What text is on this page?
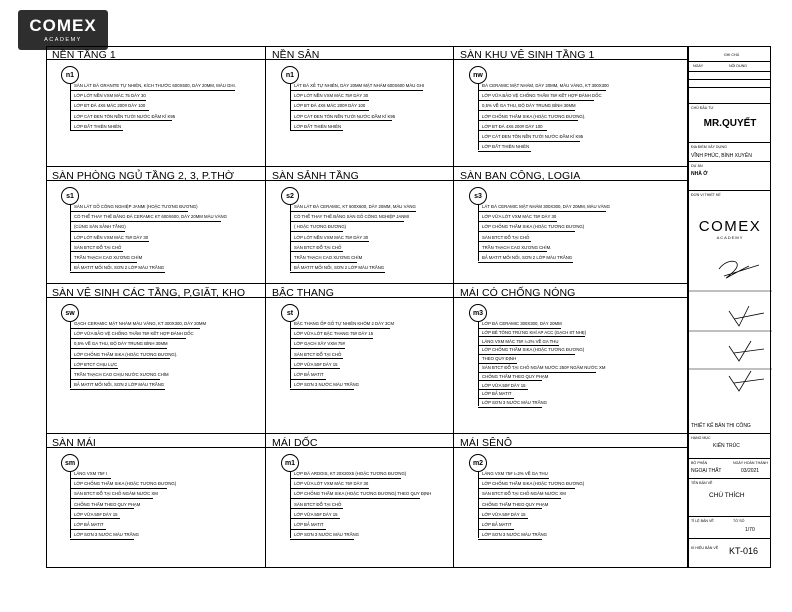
COMEX
ACADEMY
NỀN TẦNG 1
n1
SÀN LÁT ĐÁ GRANITE TỰ NHIÊN, KÍCH THƯỚC 600X600, DÀY 20MM, MÀU GHI.
LỚP LÓT NỀN VXM MÁC 75 DÀY 30
LỚP BT ĐÁ 4X6 MÁC 200# DÀY 100
LỚP CÁT ĐEN TÔN NỀN TƯỚI NƯỚC ĐẦM KĨ K95
LỚP ĐẤT THIÊN NHIÊN
NỀN SÂN
n1
LÁT ĐÁ XẺ TỰ NHIÊN, DÀY 20MM MẶT NHÁM 600X600 MÀU GHI
LỚP LÓT NỀN VXM MÁC 75# DÀY 30
LỚP BT ĐÁ 4X6 MÁC 200# DÀY 100
LỚP CÁT ĐEN TÔN NỀN TƯỚI NƯỚC ĐẦM KĨ K95
LỚP ĐẤT THIÊN NHIÊN
SÀN KHU VỆ SINH TẦNG 1
nw
ĐÁ CERAMIC MẶT NHÁM, DÀY 20MM, MÀU VÀNG, KT 300X300
LỚP VỮA BẢO VỆ CHỐNG THẤM 75# KẾT HỢP ĐÁNH DỐC
0,5% VỀ GA THU, ĐỘ DÀY TRUNG BÌNH 30MM
LỚP CHỐNG THẤM SIKA (HOẶC TƯƠNG ĐƯƠNG).
LỚP BT ĐÁ 4X6 200# DÀY 100
LỚP CÁT ĐEN TÔN NỀN TƯỚI NƯỚC ĐẦM KĨ K95
LỚP ĐẤT THIÊN NHIÊN
SÀN PHÒNG NGỦ TẦNG 2, 3, P.THỜ
s1
SÀN LÁT GỖ CÔNG NGHIỆP JANMI (HOẶC TƯƠNG ĐƯƠNG)
CÓ THỂ THAY THẾ BẰNG ĐÁ CERAMIC KT 600X600, DÀY 20MM MÀU VÀNG
(CÙNG SÀN SẢNH TẦNG)
LỚP LÓT NỀN VXM MÁC 75# DÀY 30
SÀN BTCT ĐỔ TẠI CHỖ
TRẦN THẠCH CAO XƯƠNG CHÌM
BẢ MATIT MỐI NỐI, SƠN 2 LỚP MÀU TRẮNG
SÀN SẢNH TẦNG
s2
SÀN LÁT ĐÁ CERAMIC, KT 600X600, DÀY 20MM, MÀU VÀNG
CÓ THỂ THAY THẾ BẰNG SÀN GỖ CÔNG NGHIỆP JANMI
( HOẶC TƯƠNG ĐƯƠNG)
LỚP LÓT NỀN VXM MÁC 75# DÀY 30
SÀN BTCT ĐỔ TẠI CHỖ
TRẦN THẠCH CAO XƯƠNG CHÌM
BẢ MATIT MỐI NỐI, SƠN 2 LỚP MÀU TRẮNG
SÀN BAN CÔNG, LOGIA
s3
LÁT ĐÁ CERAMIC MẶT NHÁM 300X300, DÀY 20MM, MÀU VÀNG
LỚP VỮA LÓT VXM MÁC 75# DÀY 30
LỚP CHỐNG THẤM SIKA (HOẶC TƯƠNG ĐƯƠNG)
SÀN BTCT ĐỔ TẠI CHỖ
TRẦN THẠCH CAO XƯƠNG CHÌM.
BẢ MATIT MỐI NỐI, SƠN 2 LỚP MÀU TRẮNG
SÀN VỆ SINH CÁC TẦNG, P,GIẶT, KHO
sw
GẠCH CERAMIC MẶT NHÁM MÀU VÀNG, KT 300X300, DÀY 20MM
LỚP VỮA BẢO VỆ CHỐNG THẤM 75# KẾT HỢP ĐÁNH DỐC
0,5% VỀ GA THU, ĐỘ DÀY TRUNG BÌNH 30MM
LỚP CHỐNG THẤM SIKA (HOẶC TƯƠNG ĐƯƠNG).
LỚP BTCT CHỊU LỰC
TRẦN THẠCH CAO CHỊU NƯỚC XƯƠNG CHÌM
BẢ MATIT MỐI NỐI, SƠN 2 LỚP MÀU TRẮNG
BẬC THANG
st
BẬC THANG ỐP GỖ TỰ NHIÊN KHÔM 2 DÀY 3CM
LỚP VỮA LÓT BẬC THANG 75# DÀY 15
LỚP GẠCH XÂY VXM 75#
SÀN BTCT ĐỔ TẠI CHỖ
LỚP VỮA 50# DÀY 15
LỚP BẢ MATIT
LỚP SƠN 3 NƯỚC MÀU TRẮNG
MÁI CÓ CHỐNG NÓNG
m3
LỚP ĐÁ CERAMIC 300X300, DÀY 20MM
LỚP BÊ TÔNG TRỨNG KHÍ AP ACC (GẠCH 8T NHẸ)
LÁNG VXM MÁC 75# I=2% VỀ GA THU
LỚP CHỐNG THẤM SIKA (HOẶC TƯƠNG ĐƯƠNG)
THEO QUY ĐỊNH
SÀN BTCT ĐỔ TẠI CHỖ NGÂM NƯỚC 250# NGÂM NƯỚC XM
CHỐNG THẤM THEO QUY PHẠM
LỚP VỮA 50# DÀY 15
LỚP BẢ MATIT
LỚP SƠN 3 NƯỚC MÀU TRẮNG
SÀN MÁI
sm
LÁNG VXM 75# I
LỚP CHỐNG THẤM SIKA (HOẶC TƯƠNG ĐƯƠNG)
SÀN BTCT ĐỔ TẠI CHỖ NGÂM NƯỚC XM
CHỐNG THẤM THEO QUY PHẠM
LỚP VỮA 50# DÀY 15
LỚP BẢ MATIT
LỚP SƠN 3 NƯỚC MÀU TRẮNG
MÁI DỐC
m1
LỢP ĐÁ ARDOIS, KT 20X20X5 (HOẶC TƯƠNG ĐƯƠNG)
LỚP VỮA LÓT VXM MÁC 75# DÀY 30
LỚP CHỐNG THẤM SIKA (HOẶC TƯƠNG ĐƯƠNG) THEO QUY ĐỊNH
SÀN BTCT ĐỔ TẠI CHỖ
LỚP VỮA 50# DÀY 15
LỚP BẢ MATIT
LỚP SƠN 3 NƯỚC MÀU TRẮNG
MÁI SÊNÔ
m2
LÁNG VXM 75# I=2% VỀ GA THU
LỚP CHỐNG THẤM SIKA (HOẶC TƯƠNG ĐƯƠNG)
SÀN BTCT ĐỔ TẠI CHỖ NGÂM NƯỚC XM
CHỐNG THẤM THEO QUY PHẠM
LỚP VỮA 50# DÀY 15
LỚP BẢ MATIT
LỚP SƠN 3 NƯỚC MÀU TRẮNG
GHI CHÚ
NGÀY	NỘI DUNG
CHỦ ĐẦU TƯ
MR.QUYẾT
ĐỊA ĐIỂM XÂY DỰNG
VĨNH PHÚC, BÌNH XUYÊN
DỰ ÁN
NHÀ Ở
ĐƠN VỊ THIẾT KẾ
COMEX
ACADEMY
THIẾT KẾ BẢN THI CÔNG
HẠNG MỤC
KIẾN TRÚC
BỘ PHẬN
NGOẠI THẤT
NGÀY HOÀN THÀNH
03/2021
TÊN BẢN VẼ
CHÚ THÍCH
TỈ LỆ BẢN VẼ	TỜ SỐ
1/70
KÍ HIỆU BẢN VẼ KT-016
